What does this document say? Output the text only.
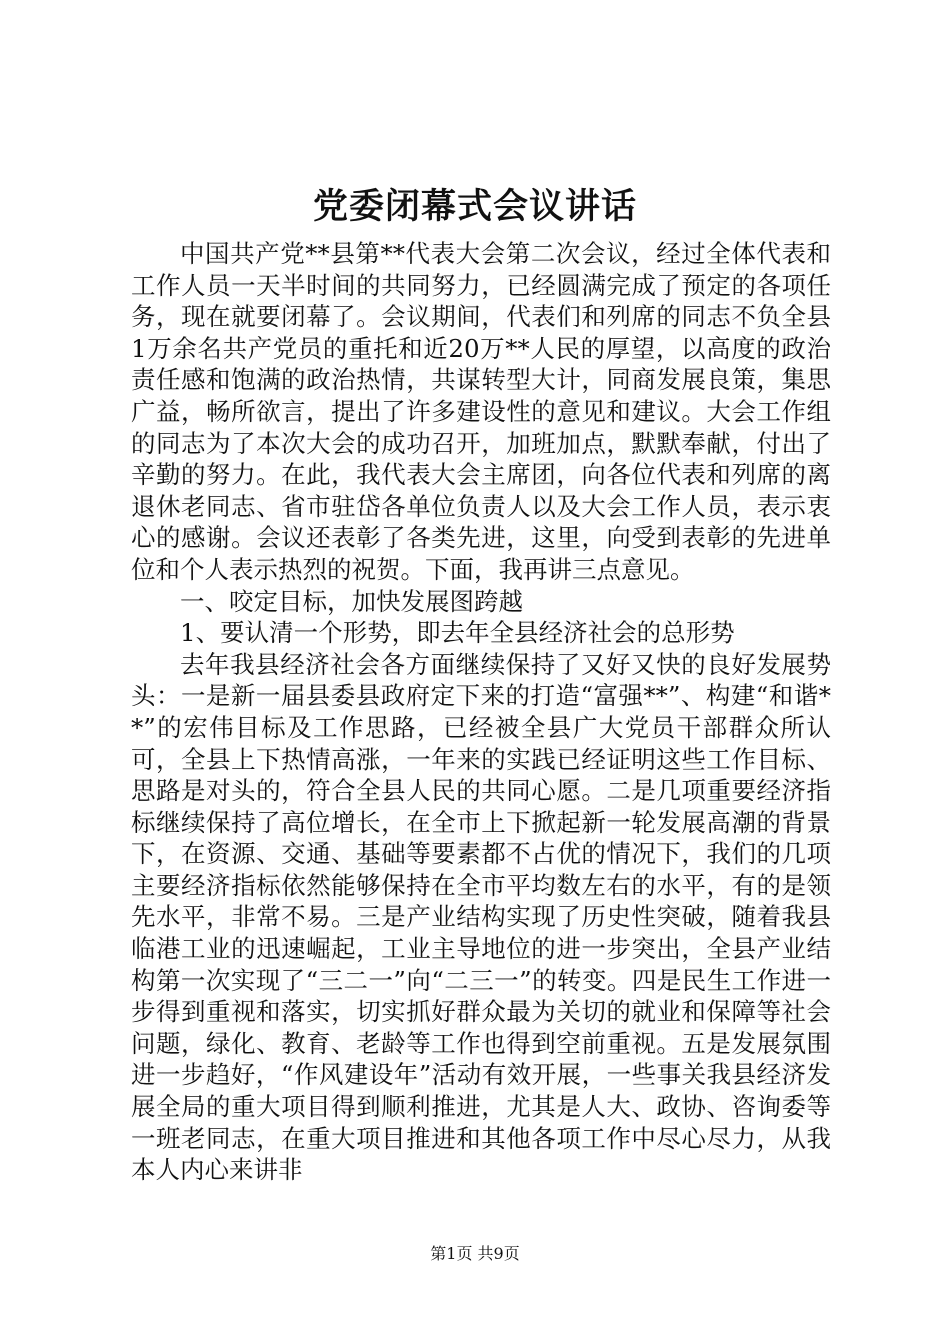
党委闭幕式会议讲话

中国共产党**县第**代表大会第二次会议，经过全体代表和工作人员一天半时间的共同努力，已经圆满完成了预定的各项任务，现在就要闭幕了。会议期间，代表们和列席的同志不负全县1万余名共产党员的重托和近20万**人民的厚望，以高度的政治责任感和饱满的政治热情，共谋转型大计，同商发展良策，集思广益，畅所欲言，提出了许多建设性的意见和建议。大会工作组的同志为了本次大会的成功召开，加班加点，默默奉献，付出了辛勤的努力。在此，我代表大会主席团，向各位代表和列席的离退休老同志、省市驻岱各单位负责人以及大会工作人员，表示衷心的感谢。会议还表彰了各类先进，这里，向受到表彰的先进单位和个人表示热烈的祝贺。下面，我再讲三点意见。

一、咬定目标，加快发展图跨越

1、要认清一个形势，即去年全县经济社会的总形势

去年我县经济社会各方面继续保持了又好又快的良好发展势头：一是新一届县委县政府定下来的打造“富强**”、构建“和谐**”的宏伟目标及工作思路，已经被全县广大党员干部群众所认可，全县上下热情高涨，一年来的实践已经证明这些工作目标、思路是对头的，符合全县人民的共同心愿。二是几项重要经济指标继续保持了高位增长，在全市上下掀起新一轮发展高潮的背景下，在资源、交通、基础等要素都不占优的情况下，我们的几项主要经济指标依然能够保持在全市平均数左右的水平，有的是领先水平，非常不易。三是产业结构实现了历史性突破，随着我县临港工业的迅速崛起，工业主导地位的进一步突出，全县产业结构第一次实现了“三二一”向“二三一”的转变。四是民生工作进一步得到重视和落实，切实抓好群众最为关切的就业和保障等社会问题，绿化、教育、老龄等工作也得到空前重视。五是发展氛围进一步趋好，“作风建设年”活动有效开展，一些事关我县经济发展全局的重大项目得到顺利推进，尤其是人大、政协、咨询委等一班老同志，在重大项目推进和其他各项工作中尽心尽力，从我本人内心来讲非

第1页 共9页
